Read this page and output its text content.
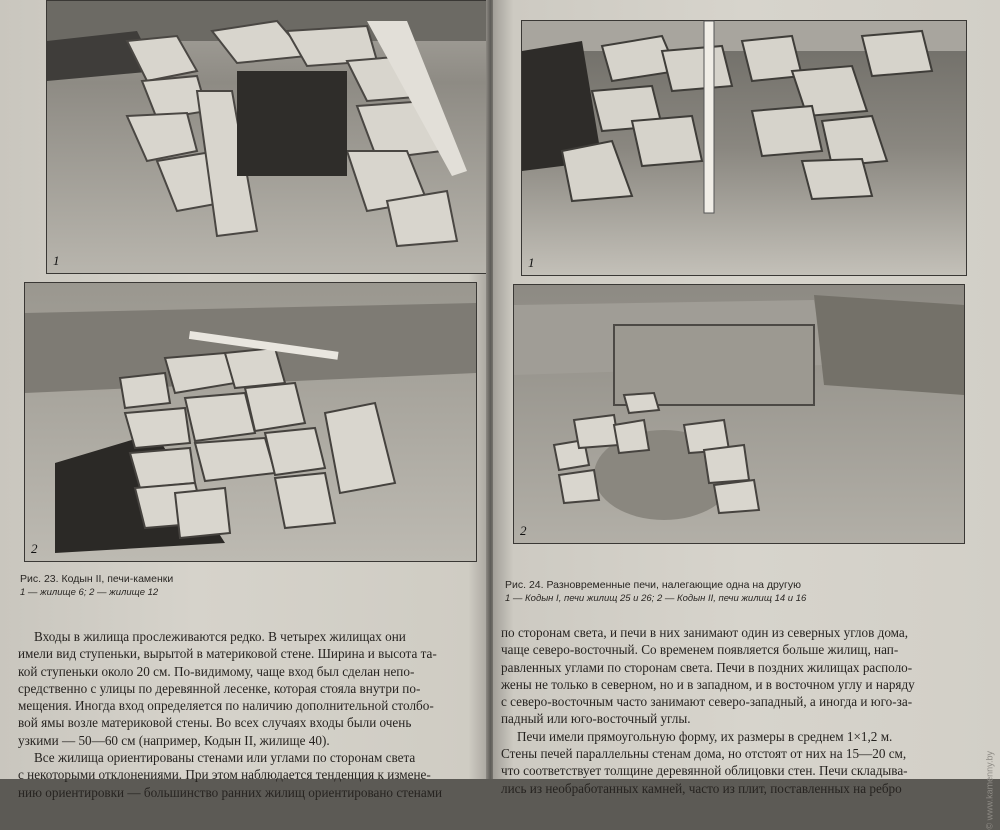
1
2
Рис. 23. Кодын II, печи-каменки
1 — жилище 6; 2 — жилище 12
Входы в жилища прослеживаются редко. В четырех жилищах они
имели вид ступеньки, вырытой в материковой стене. Ширина и высота та-
кой ступеньки около 20 см. По-видимому, чаще вход был сделан непо-
средственно с улицы по деревянной лесенке, которая стояла внутри по-
мещения. Иногда вход определяется по наличию дополнительной столбо-
вой ямы возле материковой стены. Во всех случаях входы были очень
узкими — 50—60 см (например, Кодын II, жилище 40).
Все жилища ориентированы стенами или углами по сторонам света
с некоторыми отклонениями. При этом наблюдается тенденция к измене-
нию ориентировки — большинство ранних жилищ ориентировано стенами
1
2
Рис. 24. Разновременные печи, налегающие одна на другую
1 — Кодын I, печи жилищ 25 и 26; 2 — Кодын II, печи жилищ 14 и 16
по сторонам света, и печи в них занимают один из северных углов дома,
чаще северо-восточный. Со временем появляется больше жилищ, нап-
равленных углами по сторонам света. Печи в поздних жилищах располо-
жены не только в северном, но и в западном, и в восточном углу и наряду
с северо-восточным часто занимают северо-западный, а иногда и юго-за-
падный или юго-восточный углы.
Печи имели прямоугольную форму, их размеры в среднем 1×1,2 м.
Стены печей параллельны стенам дома, но отстоят от них на 15—20 см,
что соответствует толщине деревянной облицовки стен. Печи складыва-
лись из необработанных камней, часто из плит, поставленных на ребро	© www.kamenny.by
